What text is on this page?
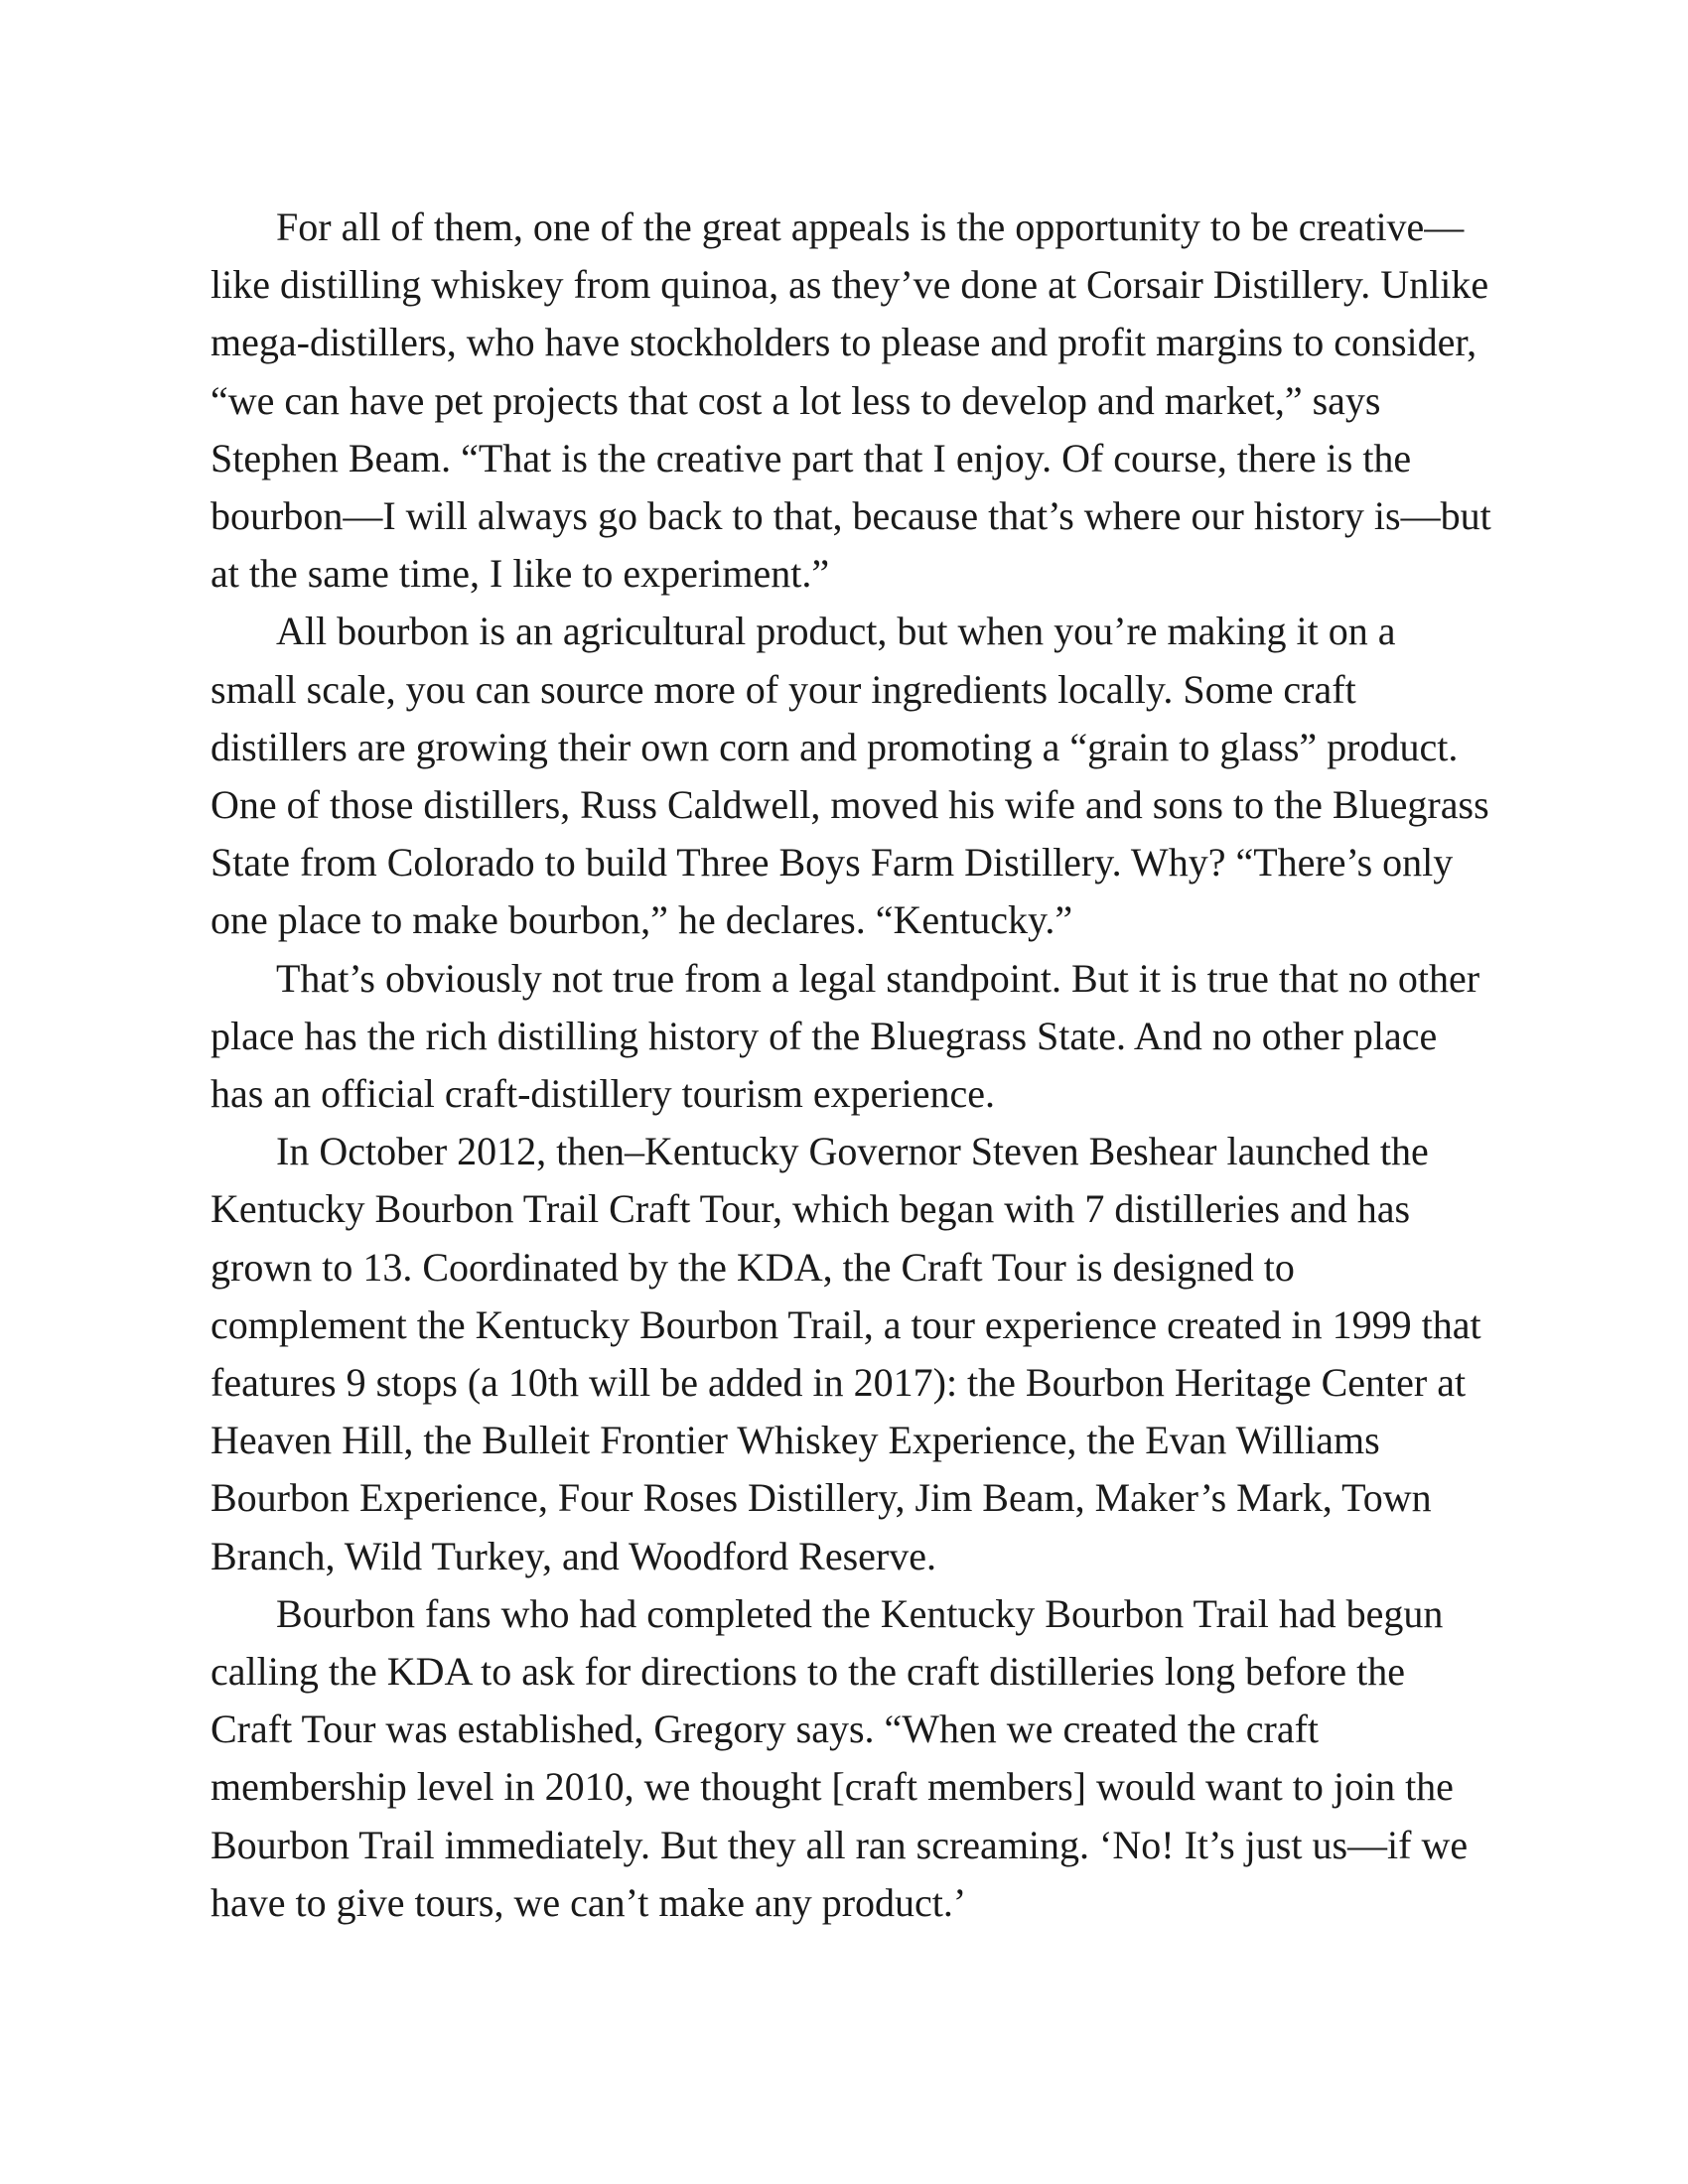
For all of them, one of the great appeals is the opportunity to be creative—like distilling whiskey from quinoa, as they’ve done at Corsair Distillery. Unlike mega-distillers, who have stockholders to please and profit margins to consider, “we can have pet projects that cost a lot less to develop and market,” says Stephen Beam. “That is the creative part that I enjoy. Of course, there is the bourbon—I will always go back to that, because that’s where our history is—but at the same time, I like to experiment.”

All bourbon is an agricultural product, but when you’re making it on a small scale, you can source more of your ingredients locally. Some craft distillers are growing their own corn and promoting a “grain to glass” product. One of those distillers, Russ Caldwell, moved his wife and sons to the Bluegrass State from Colorado to build Three Boys Farm Distillery. Why? “There’s only one place to make bourbon,” he declares. “Kentucky.”

That’s obviously not true from a legal standpoint. But it is true that no other place has the rich distilling history of the Bluegrass State. And no other place has an official craft-distillery tourism experience.

In October 2012, then–Kentucky Governor Steven Beshear launched the Kentucky Bourbon Trail Craft Tour, which began with 7 distilleries and has grown to 13. Coordinated by the KDA, the Craft Tour is designed to complement the Kentucky Bourbon Trail, a tour experience created in 1999 that features 9 stops (a 10th will be added in 2017): the Bourbon Heritage Center at Heaven Hill, the Bulleit Frontier Whiskey Experience, the Evan Williams Bourbon Experience, Four Roses Distillery, Jim Beam, Maker’s Mark, Town Branch, Wild Turkey, and Woodford Reserve.

Bourbon fans who had completed the Kentucky Bourbon Trail had begun calling the KDA to ask for directions to the craft distilleries long before the Craft Tour was established, Gregory says. “When we created the craft membership level in 2010, we thought [craft members] would want to join the Bourbon Trail immediately. But they all ran screaming. ‘No! It’s just us—if we have to give tours, we can’t make any product.’
